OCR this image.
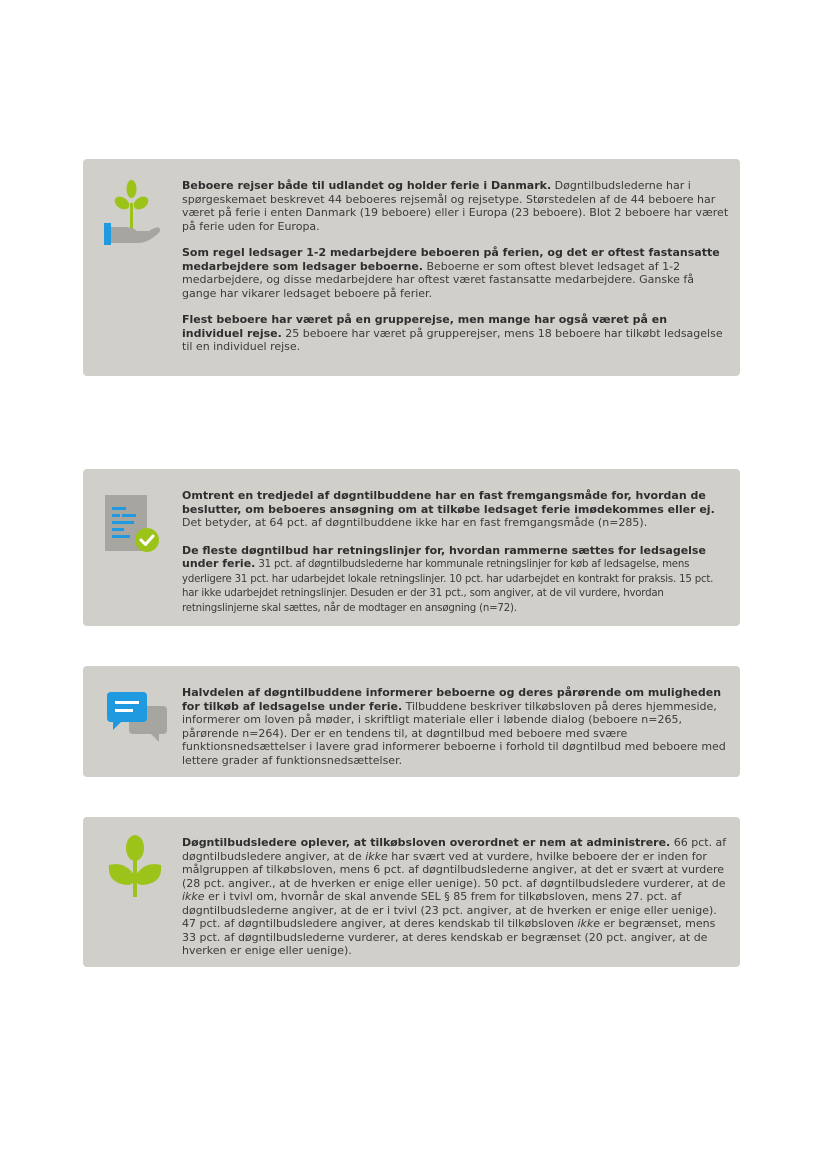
Beboere rejser både til udlandet og holder ferie i Danmark. Døgntilbudslederne har i spørgeskemaet beskrevet 44 beboeres rejsemål og rejsetype. Størstedelen af de 44 beboere har været på ferie i enten Danmark (19 beboere) eller i Europa (23 beboere). Blot 2 beboere har været på ferie uden for Europa.

Som regel ledsager 1-2 medarbejdere beboeren på ferien, og det er oftest fastansatte medarbejdere som ledsager beboerne. Beboerne er som oftest blevet ledsaget af 1-2 medarbejdere, og disse medarbejdere har oftest været fastansatte medarbejdere. Ganske få gange har vikarer ledsaget beboere på ferier.

Flest beboere har været på en grupperejse, men mange har også været på en individuel rejse. 25 beboere har været på grupperejser, mens 18 beboere har tilkøbt ledsagelse til en individuel rejse.

Omtrent en tredjedel af døgntilbuddene har en fast fremgangsmåde for, hvordan de beslutter, om beboeres ansøgning om at tilkøbe ledsaget ferie imødekommes eller ej. Det betyder, at 64 pct. af døgntilbuddene ikke har en fast fremgangsmåde (n=285).

De fleste døgntilbud har retningslinjer for, hvordan rammerne sættes for ledsagelse under ferie. 31 pct. af døgntilbudslederne har kommunale retningslinjer for køb af ledsagelse, mens yderligere 31 pct. har udarbejdet lokale retningslinjer. 10 pct. har udarbejdet en kontrakt for praksis. 15 pct. har ikke udarbejdet retningslinjer. Desuden er der 31 pct., som angiver, at de vil vurdere, hvordan retningslinjerne skal sættes, når de modtager en ansøgning (n=72).

Halvdelen af døgntilbuddene informerer beboerne og deres pårørende om muligheden for tilkøb af ledsagelse under ferie. Tilbuddene beskriver tilkøbsloven på deres hjemmeside, informerer om loven på møder, i skriftligt materiale eller i løbende dialog (beboere n=265, pårørende n=264). Der er en tendens til, at døgntilbud med beboere med svære funktionsnedsættelser i lavere grad informerer beboerne i forhold til døgntilbud med beboere med lettere grader af funktionsnedsættelser.

Døgntilbudsledere oplever, at tilkøbsloven overordnet er nem at administrere. 66 pct. af døgntilbudsledere angiver, at de ikke har svært ved at vurdere, hvilke beboere der er inden for målgruppen af tilkøbsloven, mens 6 pct. af døgntilbudslederne angiver, at det er svært at vurdere (28 pct. angiver., at de hverken er enige eller uenige). 50 pct. af døgntilbudsledere vurderer, at de ikke er i tvivl om, hvornår de skal anvende SEL § 85 frem for tilkøbsloven, mens 27. pct. af døgntilbudslederne angiver, at de er i tvivl (23 pct. angiver, at de hverken er enige eller uenige). 47 pct. af døgntilbudsledere angiver, at deres kendskab til tilkøbsloven ikke er begrænset, mens 33 pct. af døgntilbudslederne vurderer, at deres kendskab er begrænset (20 pct. angiver, at de hverken er enige eller uenige).
